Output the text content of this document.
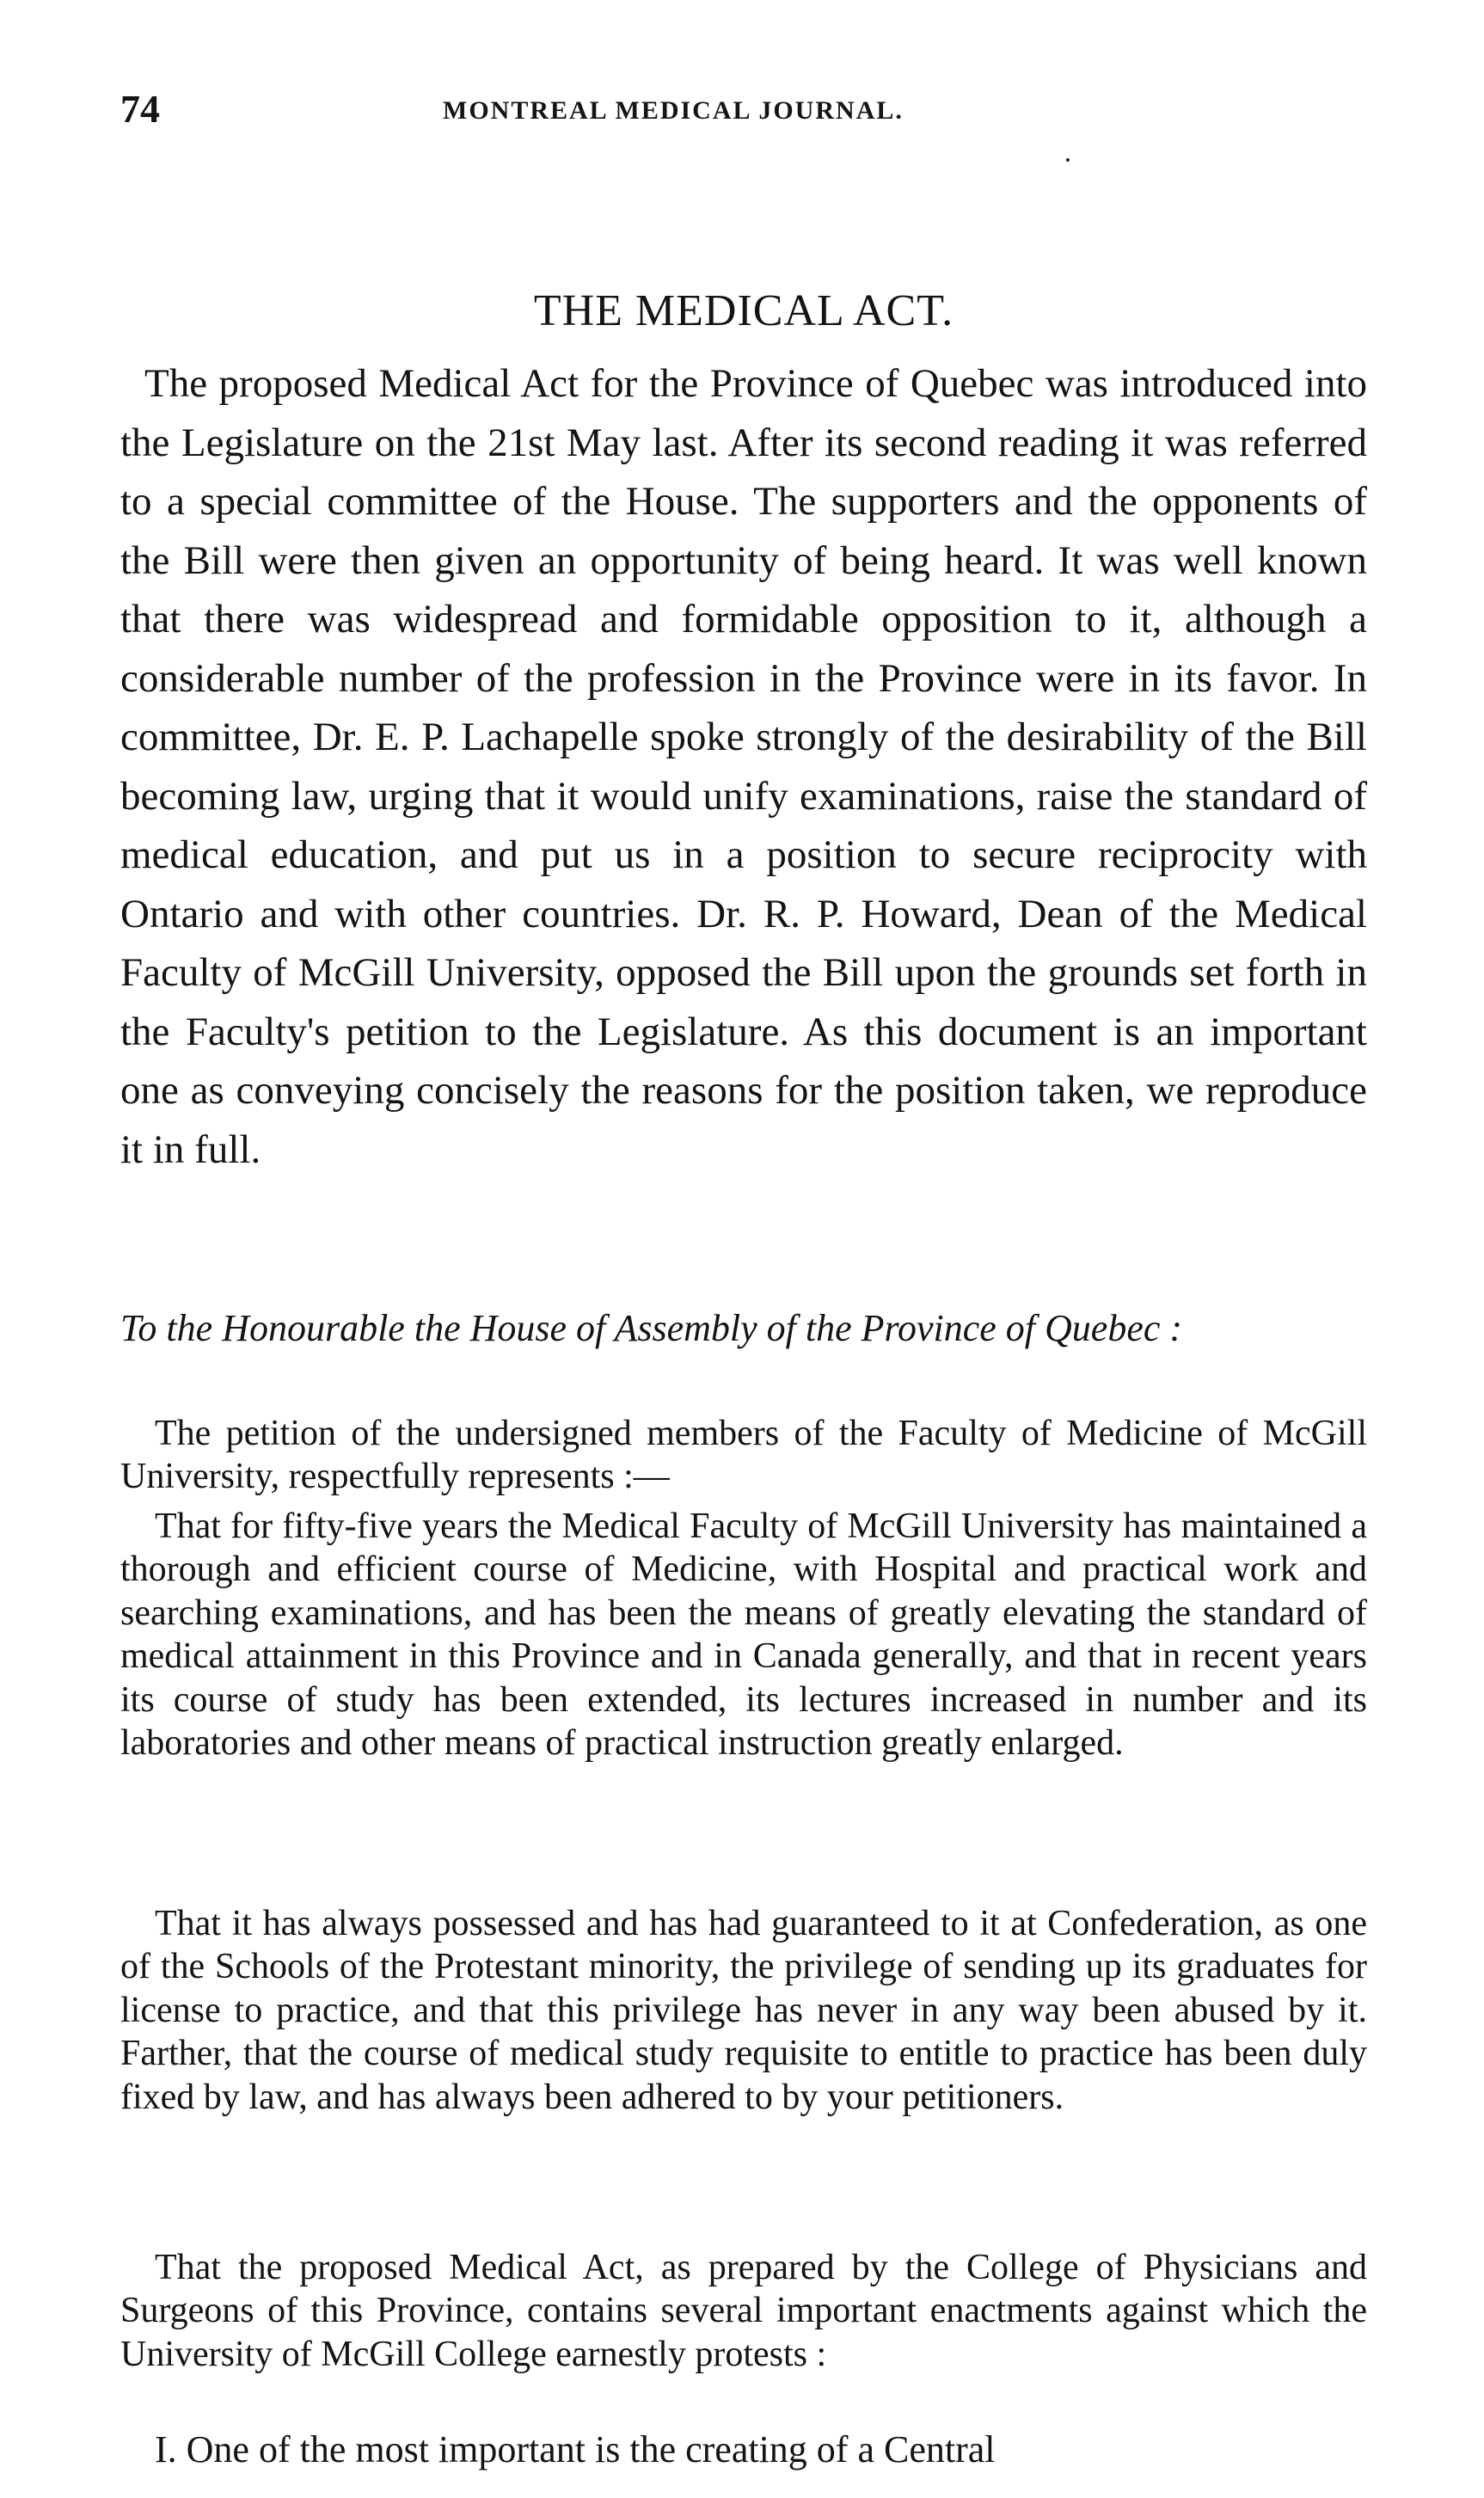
74	MONTREAL MEDICAL JOURNAL.
THE MEDICAL ACT.

The proposed Medical Act for the Province of Quebec was introduced into the Legislature on the 21st May last. After its second reading it was referred to a special committee of the House. The supporters and the opponents of the Bill were then given an opportunity of being heard. It was well known that there was widespread and formidable opposition to it, although a considerable number of the profession in the Province were in its favor. In committee, Dr. E. P. Lachapelle spoke strongly of the desirability of the Bill becoming law, urging that it would unify examinations, raise the standard of medical education, and put us in a position to secure reciprocity with Ontario and with other countries. Dr. R. P. Howard, Dean of the Medical Faculty of McGill University, opposed the Bill upon the grounds set forth in the Faculty's petition to the Legislature. As this document is an important one as conveying concisely the reasons for the position taken, we reproduce it in full.

To the Honourable the House of Assembly of the Province of Quebec :

The petition of the undersigned members of the Faculty of Medicine of McGill University, respectfully represents :—

That for fifty-five years the Medical Faculty of McGill University has maintained a thorough and efficient course of Medicine, with Hospital and practical work and searching examinations, and has been the means of greatly elevating the standard of medical attainment in this Province and in Canada generally, and that in recent years its course of study has been extended, its lectures increased in number and its laboratories and other means of practical instruction greatly enlarged.

That it has always possessed and has had guaranteed to it at Confederation, as one of the Schools of the Protestant minority, the privilege of sending up its graduates for license to practice, and that this privilege has never in any way been abused by it. Farther, that the course of medical study requisite to entitle to practice has been duly fixed by law, and has always been adhered to by your petitioners.

That the proposed Medical Act, as prepared by the College of Physicians and Surgeons of this Province, contains several important enactments against which the University of McGill College earnestly protests :

I. One of the most important is the creating of a Central
